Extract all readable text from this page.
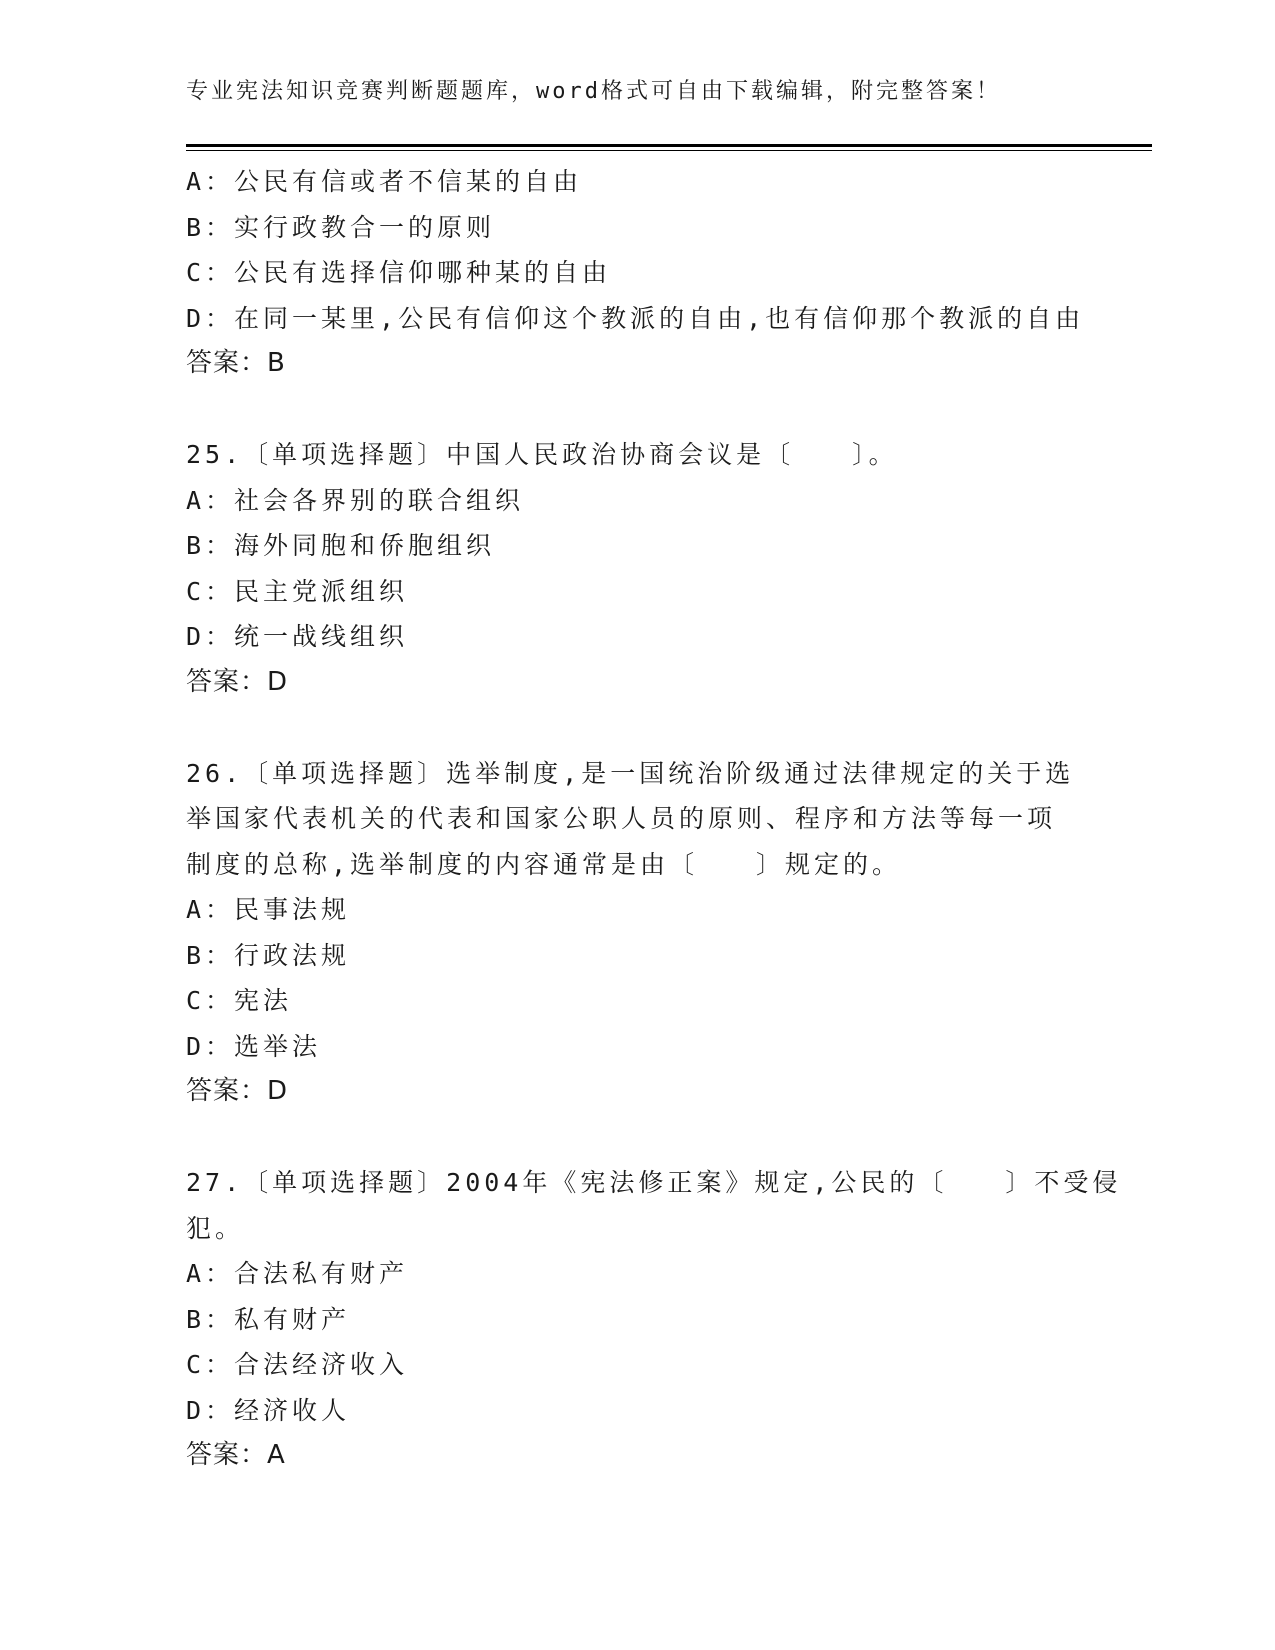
专业宪法知识竞赛判断题题库，word格式可自由下载编辑，附完整答案！
A：公民有信或者不信某的自由
B：实行政教合一的原则
C：公民有选择信仰哪种某的自由
D：在同一某里,公民有信仰这个教派的自由,也有信仰那个教派的自由
答案：B
25.〔单项选择题〕中国人民政治协商会议是〔　　〕。
A：社会各界别的联合组织
B：海外同胞和侨胞组织
C：民主党派组织
D：统一战线组织
答案：D
26.〔单项选择题〕选举制度,是一国统治阶级通过法律规定的关于选
举国家代表机关的代表和国家公职人员的原则、程序和方法等每一项
制度的总称,选举制度的内容通常是由〔　　〕规定的。
A：民事法规
B：行政法规
C：宪法
D：选举法
答案：D
27.〔单项选择题〕2004年《宪法修正案》规定,公民的〔　　〕不受侵
犯。
A：合法私有财产
B：私有财产
C：合法经济收入
D：经济收人
答案：A
